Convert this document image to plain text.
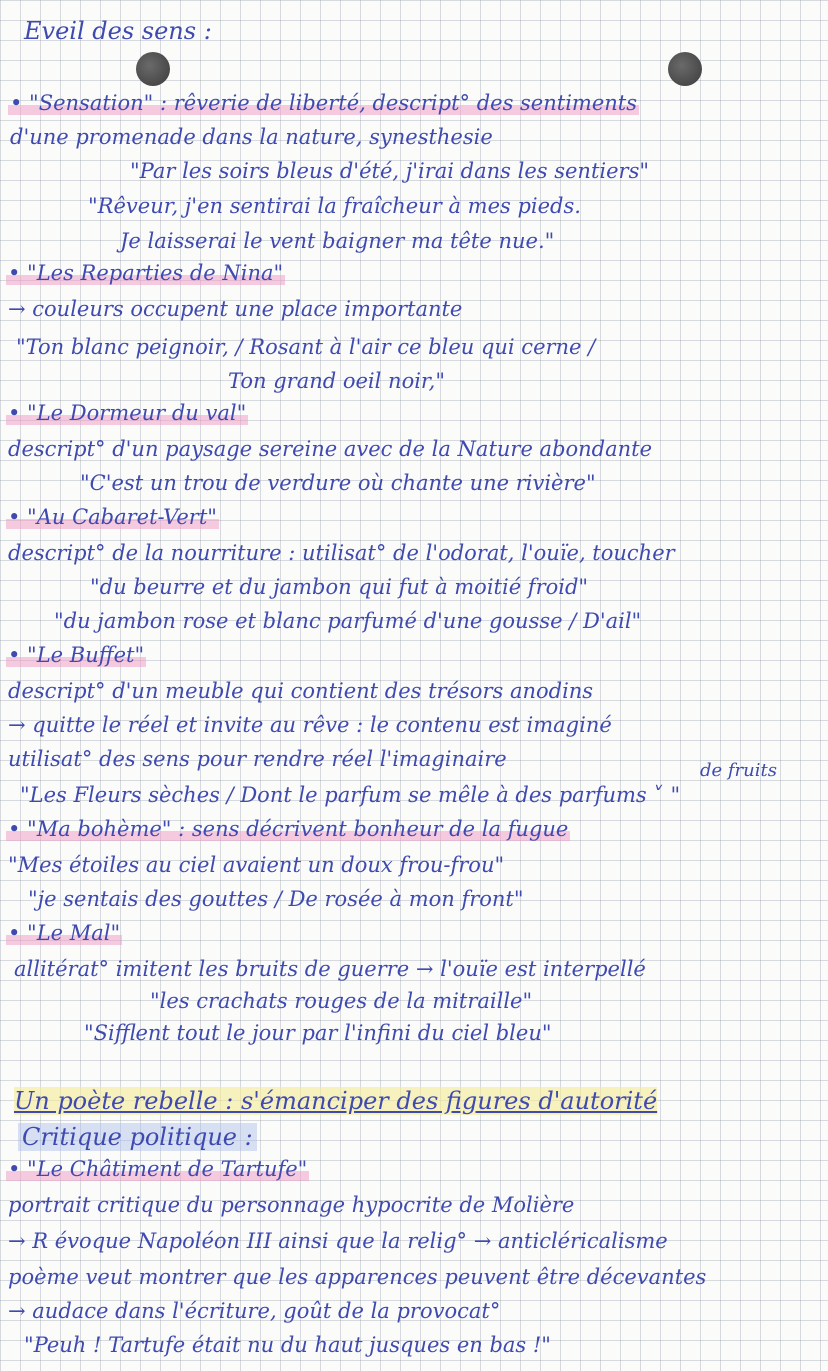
Eveil des sens :
• "Sensation" : rêverie de liberté, descript° des sentiments
d'une promenade dans la nature, synesthesie
"Par les soirs bleus d'été, j'irai dans les sentiers"
"Rêveur, j'en sentirai la fraîcheur à mes pieds.
Je laisserai le vent baigner ma tête nue."
• "Les Reparties de Nina"
→ couleurs occupent une place importante
"Ton blanc peignoir, / Rosant à l'air ce bleu qui cerne /
Ton grand oeil noir,"
• "Le Dormeur du val"
descript° d'un paysage sereine avec de la Nature abondante
"C'est un trou de verdure où chante une rivière"
• "Au Cabaret-Vert"
descript° de la nourriture : utilisat° de l'odorat, l'ouïe, toucher
"du beurre et du jambon qui fut à moitié froid"
"du jambon rose et blanc parfumé d'une gousse / D'ail"
• "Le Buffet"
descript° d'un meuble qui contient des trésors anodins
→ quitte le réel et invite au rêve : le contenu est imaginé
utilisat° des sens pour rendre réel l'imaginaire	de fruits
"Les Fleurs sèches / Dont le parfum se mêle à des parfums ˅ "
• "Ma bohème" : sens décrivent bonheur de la fugue
"Mes étoiles au ciel avaient un doux frou-frou"
"je sentais des gouttes / De rosée à mon front"
• "Le Mal"
allitérat° imitent les bruits de guerre → l'ouïe est interpellé
"les crachats rouges de la mitraille"
"Sifflent tout le jour par l'infini du ciel bleu"
Un poète rebelle : s'émanciper des figures d'autorité
Critique politique :
• "Le Châtiment de Tartufe"
portrait critique du personnage hypocrite de Molière
→ R évoque Napoléon III ainsi que la relig° → anticléricalisme
poème veut montrer que les apparences peuvent être décevantes
→ audace dans l'écriture, goût de la provocat°
"Peuh ! Tartufe était nu du haut jusques en bas !"
